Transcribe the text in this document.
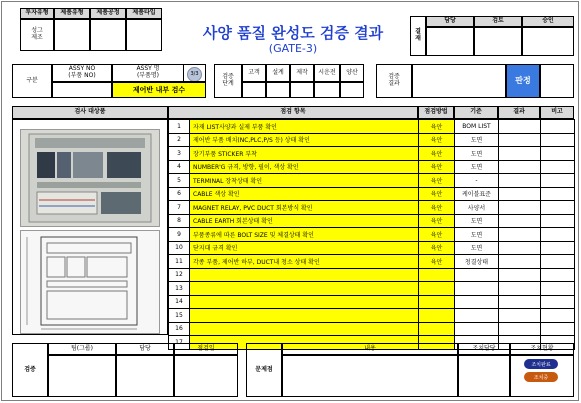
투자유형	제품유형	제품공정	제품타입
성그
제조	사양 품질 완성도 검증 결과
(GATE-3)
결
재
담당	검토	승인
구분
ASSY NO
(부품 NO)
ASSY 명
(부품명)	3/3
제어반 내부 검수
검증
단계
고객	설계	제작	시운전	양산
검증
결과	판정
검사 대상품	점검 항목	점검방법	기준	결과	비고
1	자재 LIST사양과 실제 부품 확인	육안	BOM LIST		
2	제어반 부품 배치(NC,PLC,P/S 등) 상태 확인	육안	도면		
3	장기부품 STICKER 부착	육안	도면		
4	NUMBER'G 규격, 방향, 필이, 색상 확인	육안	도면		
5	TERMINAL 장착상태 확인	육안	-		
6	CABLE 색상 확인	육안	케이블표준		
7	MAGNET RELAY, PVC DUCT 회본방식 확인	육안	사양서		
8	CABLE EARTH 회본상태 확인	육안	도면		
9	부품종류에 따른 BOLT SIZE 및 체결상태 확인	육안	도면		
10	닫지대 규격 확인	육안	도면		
11	각종 부품, 제어반 하부, DUCT내 청소 상태 확인	육안	청결상태		
12					
13					
14					
15					
16					
17					
검증
팀(그룹)	담당	점검일
문제점
내용	조치담당	조치현황
조치완료
조치중
